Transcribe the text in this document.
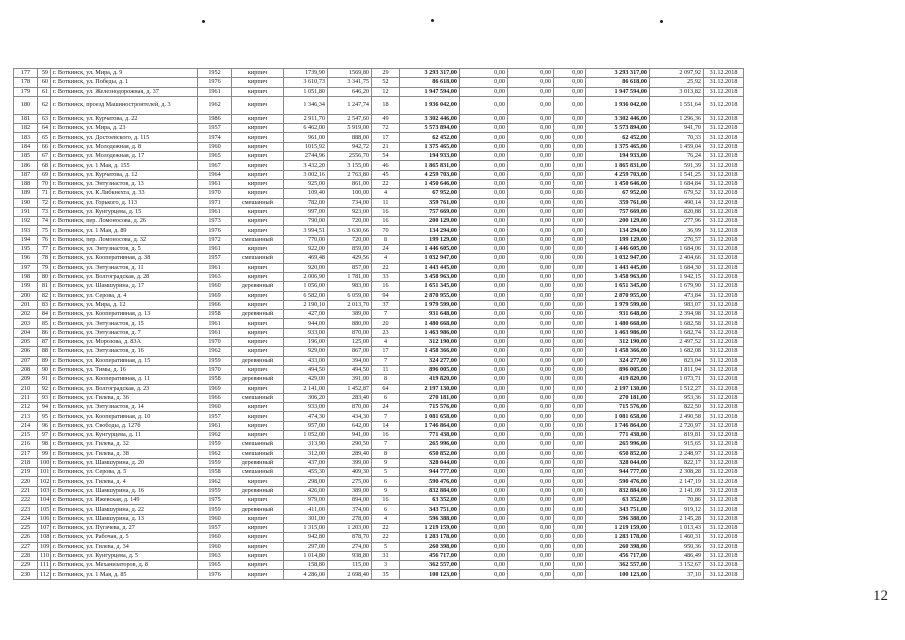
177	59	г. Воткинск, ул. Мира, д. 9	1952	кирпич	1739,90	1569,80	29	3 293 317,00	0,00	0,00	0,00	3 293 317,00	2 097,92	31.12.2018
178	60	г. Воткинск, ул. Победы, д. 1	1976	кирпич	3 610,73	3 341,75	52	86 618,00	0,00	0,00	0,00	86 618,00	25,92	31.12.2018
179	61	г. Воткинск, ул. Железнодорожная, д. 37	1961	кирпич	1 051,80	646,20	12	1 947 594,00	0,00	0,00	0,00	1 947 594,00	3 013,82	31.12.2018
180	62	г. Воткинск, проезд Машиностроителей, д. 3	1962	кирпич	1 346,34	1 247,74	18	1 936 042,00	0,00	0,00	0,00	1 936 042,00	1 551,64	31.12.2018
181	63	г. Воткинск, ул. Курчатова, д. 22	1986	кирпич	2 911,70	2 547,60	49	3 302 446,00	0,00	0,00	0,00	3 302 446,00	1 296,36	31.12.2018
182	64	г. Воткинск, ул. Мира, д. 23	1957	кирпич	6 462,00	5 919,00	72	5 573 894,00	0,00	0,00	0,00	5 573 894,00	941,70	31.12.2018
183	65	г. Воткинск, ул. Достоевского, д. 115	1974	кирпич	961,00	888,00	17	62 452,00	0,00	0,00	0,00	62 452,00	70,33	31.12.2018
184	66	г. Воткинск, ул. Молодежная, д. 8	1960	кирпич	1015,92	942,72	21	1 375 465,00	0,00	0,00	0,00	1 375 465,00	1 459,04	31.12.2018
185	67	г. Воткинск, ул. Молодежная, д. 17	1965	кирпич	2744,96	2556,70	54	194 933,00	0,00	0,00	0,00	194 933,00	76,24	31.12.2018
186	68	г. Воткинск, ул. 1 Мая, д. 155	1967	кирпич	3 432,20	3 155,00	46	1 865 831,00	0,00	0,00	0,00	1 865 831,00	591,39	31.12.2018
187	69	г. Воткинск, ул. Курчатова, д. 12	1964	кирпич	3 002,16	2 763,80	45	4 259 703,00	0,00	0,00	0,00	4 259 703,00	1 541,25	31.12.2018
188	70	г. Воткинск, ул. Энтузиастов, д. 13	1961	кирпич	925,00	861,00	22	1 450 646,00	0,00	0,00	0,00	1 450 646,00	1 684,84	31.12.2018
189	71	г. Воткинск, ул. К.Либкнехта, д. 33	1970	кирпич	109,40	100,00	4	67 952,00	0,00	0,00	0,00	67 952,00	679,52	31.12.2018
190	72	г. Воткинск, ул. Горького, д. 113	1971	смешанный	782,00	734,00	11	359 761,00	0,00	0,00	0,00	359 761,00	490,14	31.12.2018
191	73	г. Воткинск, ул. Кунгурцева, д. 15	1961	кирпич	997,00	923,00	16	757 669,00	0,00	0,00	0,00	757 669,00	820,88	31.12.2018
192	74	г. Воткинск, пер. Ломоносова, д. 26	1973	кирпич	790,00	720,00	16	200 129,00	0,00	0,00	0,00	200 129,00	277,96	31.12.2018
193	75	г. Воткинск, ул. 1 Мая, д. 89	1976	кирпич	3 994,51	3 630,66	70	134 294,00	0,00	0,00	0,00	134 294,00	36,99	31.12.2018
194	76	г. Воткинск, пер. Ломоносова, д. 32	1972	смешанный	770,00	720,00	8	199 129,00	0,00	0,00	0,00	199 129,00	276,57	31.12.2018
195	77	г. Воткинск, ул. Энтузиастов, д. 5	1961	кирпич	922,00	859,00	24	1 446 605,00	0,00	0,00	0,00	1 446 605,00	1 684,06	31.12.2018
196	78	г. Воткинск, ул. Кооперативная, д. 38	1957	смешанный	469,48	429,56	4	1 032 947,00	0,00	0,00	0,00	1 032 947,00	2 404,66	31.12.2018
197	79	г. Воткинск, ул. Энтузиастов, д. 11	1961	кирпич	920,00	857,00	22	1 443 445,00	0,00	0,00	0,00	1 443 445,00	1 684,30	31.12.2018
198	80	г. Воткинск, ул. Волгоградская, д. 28	1963	кирпич	2 006,90	1 781,00	33	3 458 963,00	0,00	0,00	0,00	3 458 963,00	1 942,15	31.12.2018
199	81	г. Воткинск, ул. Шамшурина, д. 17	1960	деревянный	1 056,00	983,00	16	1 651 345,00	0,00	0,00	0,00	1 651 345,00	1 679,90	31.12.2018
200	82	г. Воткинск, ул. Серова, д. 4	1969	кирпич	6 582,00	6 059,00	94	2 870 955,00	0,00	0,00	0,00	2 870 955,00	473,84	31.12.2018
201	83	г. Воткинск, ул. Мира, д. 12	1966	кирпич	2 190,10	2 013,70	37	1 979 599,00	0,00	0,00	0,00	1 979 599,00	983,07	31.12.2018
202	84	г. Воткинск, ул. Кооперативная, д. 13	1958	деревянный	427,00	389,00	7	931 648,00	0,00	0,00	0,00	931 648,00	2 394,98	31.12.2018
203	85	г. Воткинск, ул. Энтузиастов, д. 15	1961	кирпич	944,00	880,00	20	1 480 668,00	0,00	0,00	0,00	1 480 668,00	1 682,58	31.12.2018
204	86	г. Воткинск, ул. Энтузиастов, д. 7	1961	кирпич	933,00	870,00	23	1 463 986,00	0,00	0,00	0,00	1 463 986,00	1 682,74	31.12.2018
205	87	г. Воткинск, ул. Морозова, д. 83А	1970	кирпич	196,00	125,00	4	312 190,00	0,00	0,00	0,00	312 190,00	2 497,52	31.12.2018
206	88	г. Воткинск, ул. Энтузиастов, д. 16	1962	кирпич	929,00	867,00	17	1 458 366,00	0,00	0,00	0,00	1 458 366,00	1 682,08	31.12.2018
207	89	г. Воткинск, ул. Кооперативная, д. 15	1959	деревянный	433,00	394,00	7	324 277,00	0,00	0,00	0,00	324 277,00	823,04	31.12.2018
208	90	г. Воткинск, ул. Тимы, д. 16	1970	кирпич	494,50	494,50	11	896 005,00	0,00	0,00	0,00	896 005,00	1 811,94	31.12.2018
209	91	г. Воткинск, ул. Кооперативная, д. 11	1958	деревянный	429,00	391,00	8	419 820,00	0,00	0,00	0,00	419 820,00	1 073,71	31.12.2018
210	92	г. Воткинск, ул. Волгоградская, д. 23	1969	кирпич	2 141,00	1 452,87	64	2 197 130,00	0,00	0,00	0,00	2 197 130,00	1 512,27	31.12.2018
211	93	г. Воткинск, ул. Гилева, д. 36	1966	смешанный	306,20	283,40	6	270 181,00	0,00	0,00	0,00	270 181,00	953,36	31.12.2018
212	94	г. Воткинск, ул. Энтузиастов, д. 14	1960	кирпич	933,00	870,00	24	715 576,00	0,00	0,00	0,00	715 576,00	822,50	31.12.2018
213	95	г. Воткинск, ул. Кооперативная, д. 10	1957	кирпич	474,30	434,30	7	1 081 658,00	0,00	0,00	0,00	1 081 658,00	2 490,58	31.12.2018
214	96	г. Воткинск, ул. Свободы, д. 127б	1961	кирпич	957,00	642,00	14	1 746 864,00	0,00	0,00	0,00	1 746 864,00	2 720,97	31.12.2018
215	97	г. Воткинск, ул. Кунгурцева, д. 11	1962	кирпич	1 052,00	941,00	16	771 438,00	0,00	0,00	0,00	771 438,00	819,81	31.12.2018
216	98	г. Воткинск, ул. Гилева, д. 32	1959	смешанный	313,90	290,50	7	265 996,00	0,00	0,00	0,00	265 996,00	915,65	31.12.2018
217	99	г. Воткинск, ул. Гилева, д. 38	1962	смешанный	312,00	289,40	8	650 852,00	0,00	0,00	0,00	650 852,00	2 248,97	31.12.2018
218	100	г. Воткинск, ул. Шамшурина, д. 20	1959	деревянный	437,00	399,00	9	328 044,00	0,00	0,00	0,00	328 044,00	822,17	31.12.2018
219	101	г. Воткинск, ул. Серова, д. 5	1958	смешанный	455,30	409,30	5	944 777,00	0,00	0,00	0,00	944 777,00	2 308,28	31.12.2018
220	102	г. Воткинск, ул. Гилева, д. 4	1962	кирпич	298,00	275,00	6	590 476,00	0,00	0,00	0,00	590 476,00	2 147,19	31.12.2018
221	103	г. Воткинск, ул. Шамшурина, д. 16	1959	деревянный	426,00	389,00	9	832 884,00	0,00	0,00	0,00	832 884,00	2 141,09	31.12.2018
222	104	г. Воткинск, ул. Ижевская, д. 149	1975	кирпич	979,00	894,00	16	63 352,00	0,00	0,00	0,00	63 352,00	70,86	31.12.2018
223	105	г. Воткинск, ул. Шамшурина, д. 22	1959	деревянный	411,00	374,00	6	343 751,00	0,00	0,00	0,00	343 751,00	919,12	31.12.2018
224	106	г. Воткинск, ул. Шамшурина, д. 13	1960	кирпич	301,00	278,00	4	596 388,00	0,00	0,00	0,00	596 388,00	2 145,28	31.12.2018
225	107	г. Воткинск, ул. Пугачева, д. 27	1957	кирпич	1 315,00	1 203,00	22	1 219 159,00	0,00	0,00	0,00	1 219 159,00	1 013,43	31.12.2018
226	108	г. Воткинск, ул. Рабочая, д. 5	1960	кирпич	942,80	878,70	22	1 283 178,00	0,00	0,00	0,00	1 283 178,00	1 460,31	31.12.2018
227	109	г. Воткинск, ул. Гилева, д. 34	1960	кирпич	297,00	274,00	5	260 398,00	0,00	0,00	0,00	260 398,00	950,36	31.12.2018
228	110	г. Воткинск, ул. Кунгурцева, д. 5	1963	кирпич	1 014,80	938,80	31	456 717,00	0,00	0,00	0,00	456 717,00	486,49	31.12.2018
229	111	г. Воткинск, ул. Механизаторов, д. 8	1965	кирпич	158,80	115,00	3	362 557,00	0,00	0,00	0,00	362 557,00	3 152,67	31.12.2018
230	112	г. Воткинск, ул. 1 Мая, д. 85	1976	кирпич	4 286,00	2 698,40	35	100 123,00	0,00	0,00	0,00	100 123,00	37,10	31.12.2018
12
